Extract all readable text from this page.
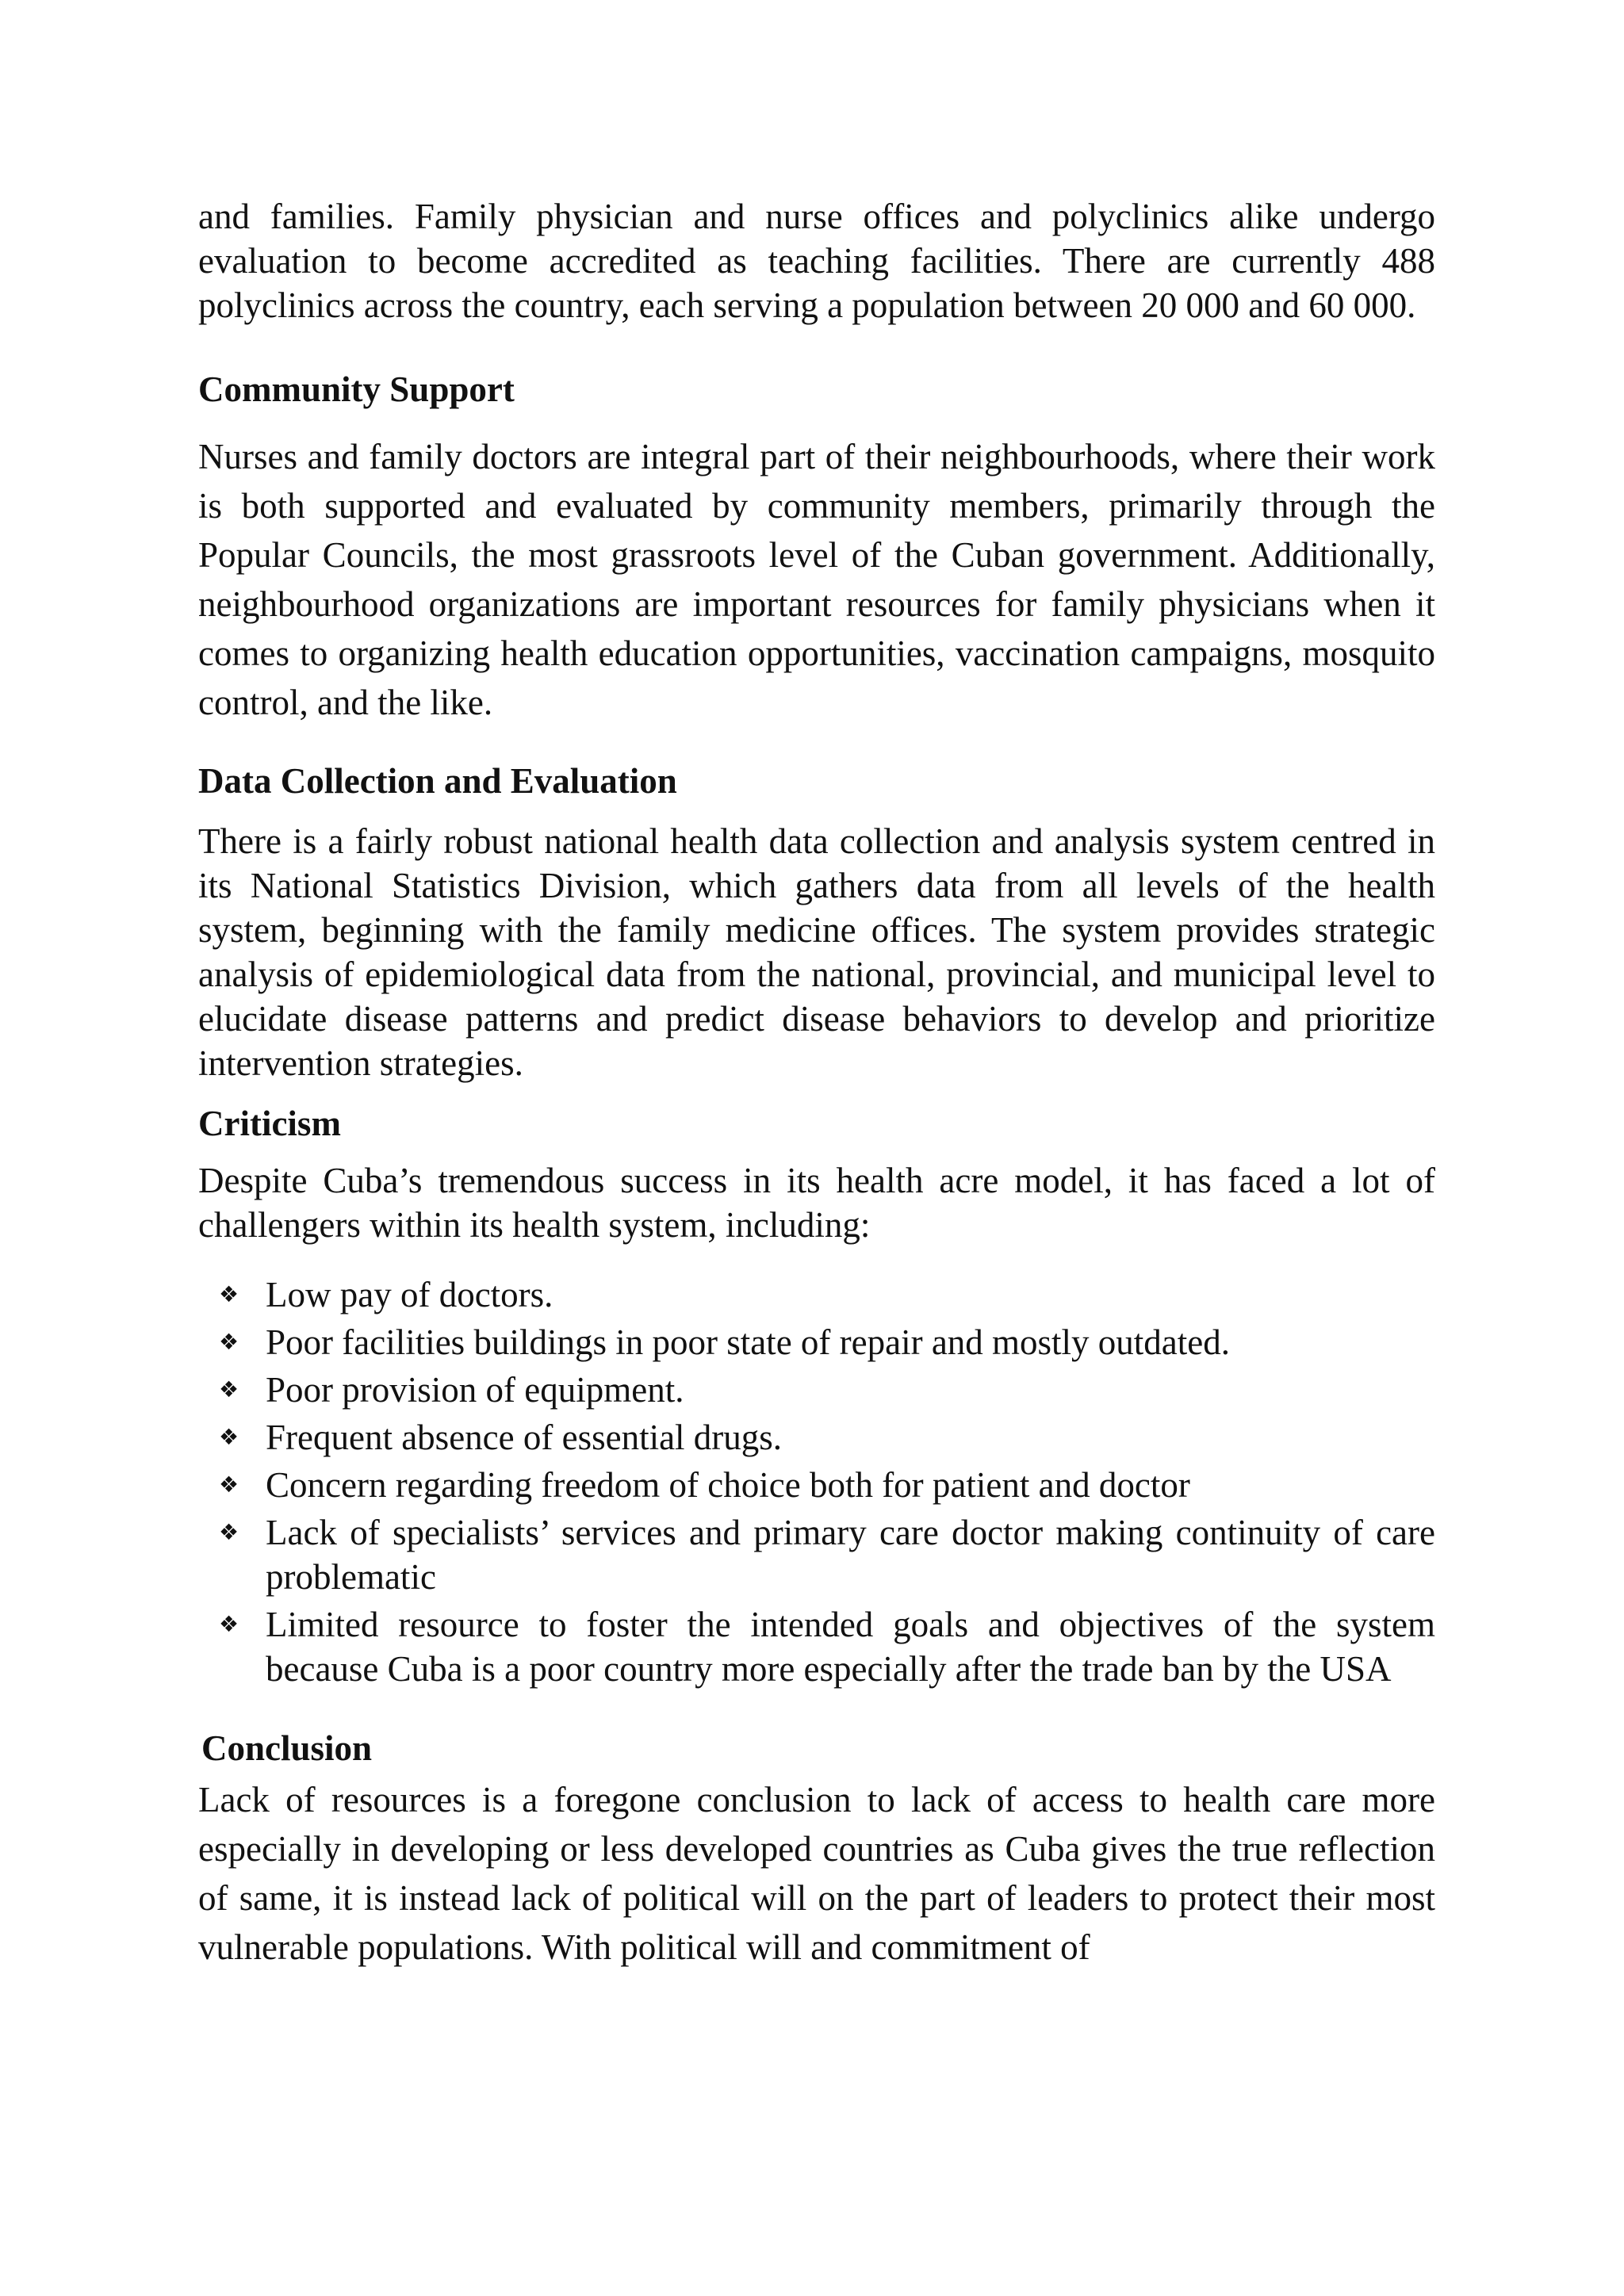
and families. Family physician and nurse offices and polyclinics alike undergo evaluation to become accredited as teaching facilities. There are currently 488 polyclinics across the country, each serving a population between 20 000 and 60 000.

Community Support

Nurses and family doctors are integral part of their neighbourhoods, where their work is both supported and evaluated by community members, primarily through the Popular Councils, the most grassroots level of the Cuban government. Additionally, neighbourhood organizations are important resources for family physicians when it comes to organizing health education opportunities, vaccination campaigns, mosquito control, and the like.

Data Collection and Evaluation

There is a fairly robust national health data collection and analysis system centred in its National Statistics Division, which gathers data from all levels of the health system, beginning with the family medicine offices. The system provides strategic analysis of epidemiological data from the national, provincial, and municipal level to elucidate disease patterns and predict disease behaviors to develop and prioritize intervention strategies.

Criticism

Despite Cuba’s tremendous success in its health acre model, it has faced a lot of challengers within its health system, including:

❖ Low pay of doctors.
❖ Poor facilities buildings in poor state of repair and mostly outdated.
❖ Poor provision of equipment.
❖ Frequent absence of essential drugs.
❖ Concern regarding freedom of choice both for patient and doctor
❖ Lack of specialists’ services and primary care doctor making continuity of care problematic
❖ Limited resource to foster the intended goals and objectives of the system because Cuba is a poor country more especially after the trade ban by the USA
Conclusion

Lack of resources is a foregone conclusion to lack of access to health care more especially in developing or less developed countries as Cuba gives the true reflection of same, it is instead lack of political will on the part of leaders to protect their most vulnerable populations. With political will and commitment of
